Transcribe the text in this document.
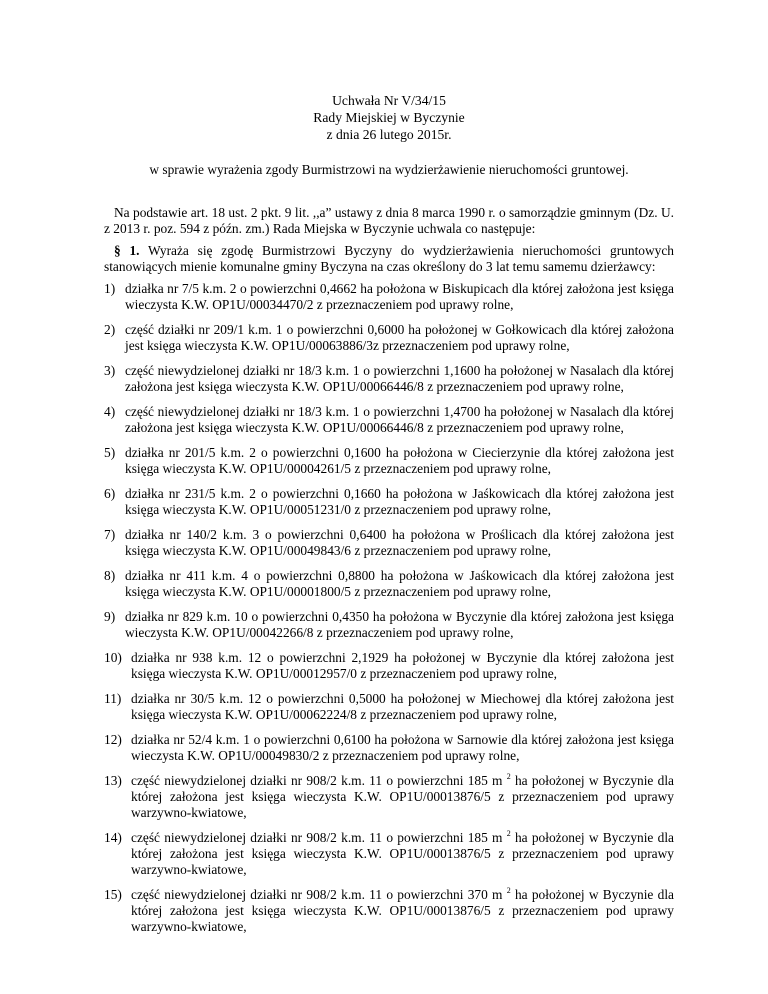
Uchwała Nr V/34/15
Rady Miejskiej w Byczynie
z dnia 26 lutego 2015r.
w sprawie wyrażenia zgody Burmistrzowi na wydzierżawienie nieruchomości gruntowej.
Na podstawie art. 18 ust. 2 pkt. 9 lit. ,,a” ustawy z dnia 8 marca 1990 r. o samorządzie gminnym (Dz. U. z 2013 r. poz. 594 z późn. zm.) Rada Miejska w Byczynie uchwala co następuje:
§ 1. Wyraża się zgodę Burmistrzowi Byczyny do wydzierżawienia nieruchomości gruntowych stanowiących mienie komunalne gminy Byczyna na czas określony do 3 lat temu samemu dzierżawcy:
1) działka nr 7/5 k.m. 2 o powierzchni 0,4662 ha położona w Biskupicach dla której założona jest księga wieczysta K.W. OP1U/00034470/2 z przeznaczeniem pod uprawy rolne,
2) część działki nr 209/1 k.m. 1 o powierzchni 0,6000 ha położonej w Gołkowicach dla której założona jest księga wieczysta K.W. OP1U/00063886/3z przeznaczeniem pod uprawy rolne,
3) część niewydzielonej działki nr 18/3 k.m. 1 o powierzchni 1,1600 ha położonej w Nasalach dla której założona jest księga wieczysta K.W. OP1U/00066446/8 z przeznaczeniem pod uprawy rolne,
4) część niewydzielonej działki nr 18/3 k.m. 1 o powierzchni 1,4700 ha położonej w Nasalach dla której założona jest księga wieczysta K.W. OP1U/00066446/8 z przeznaczeniem pod uprawy rolne,
5) działka nr 201/5 k.m. 2 o powierzchni 0,1600 ha położona w Ciecierzynie dla której założona jest księga wieczysta K.W. OP1U/00004261/5 z przeznaczeniem pod uprawy rolne,
6) działka nr 231/5 k.m. 2 o powierzchni 0,1660 ha położona w Jaśkowicach dla której założona jest księga wieczysta K.W. OP1U/00051231/0 z przeznaczeniem pod uprawy rolne,
7) działka nr 140/2 k.m. 3 o powierzchni 0,6400 ha położona w Proślicach dla której założona jest księga wieczysta K.W. OP1U/00049843/6 z przeznaczeniem pod uprawy rolne,
8) działka nr 411 k.m. 4 o powierzchni 0,8800 ha położona w Jaśkowicach dla której założona jest księga wieczysta K.W. OP1U/00001800/5 z przeznaczeniem pod uprawy rolne,
9) działka nr 829 k.m. 10 o powierzchni 0,4350 ha położona w Byczynie dla której założona jest księga wieczysta K.W. OP1U/00042266/8 z przeznaczeniem pod uprawy rolne,
10) działka nr 938 k.m. 12 o powierzchni 2,1929 ha położonej w Byczynie dla której założona jest księga wieczysta K.W. OP1U/00012957/0 z przeznaczeniem pod uprawy rolne,
11) działka nr 30/5 k.m. 12 o powierzchni 0,5000 ha położonej w Miechowej dla której założona jest księga wieczysta K.W. OP1U/00062224/8 z przeznaczeniem pod uprawy rolne,
12) działka nr 52/4 k.m. 1 o powierzchni 0,6100 ha położona w Sarnowie dla której założona jest księga wieczysta K.W. OP1U/00049830/2 z przeznaczeniem pod uprawy rolne,
13) część niewydzielonej działki nr 908/2 k.m. 11 o powierzchni 185 m $^2$ ha położonej w Byczynie dla której założona jest księga wieczysta K.W. OP1U/00013876/5 z przeznaczeniem pod uprawy warzywno-kwiatowe,
14) część niewydzielonej działki nr 908/2 k.m. 11 o powierzchni 185 m $^2$ ha położonej w Byczynie dla której założona jest księga wieczysta K.W. OP1U/00013876/5 z przeznaczeniem pod uprawy warzywno-kwiatowe,
15) część niewydzielonej działki nr 908/2 k.m. 11 o powierzchni 370 m $^2$ ha położonej w Byczynie dla której założona jest księga wieczysta K.W. OP1U/00013876/5 z przeznaczeniem pod uprawy warzywno-kwiatowe,
